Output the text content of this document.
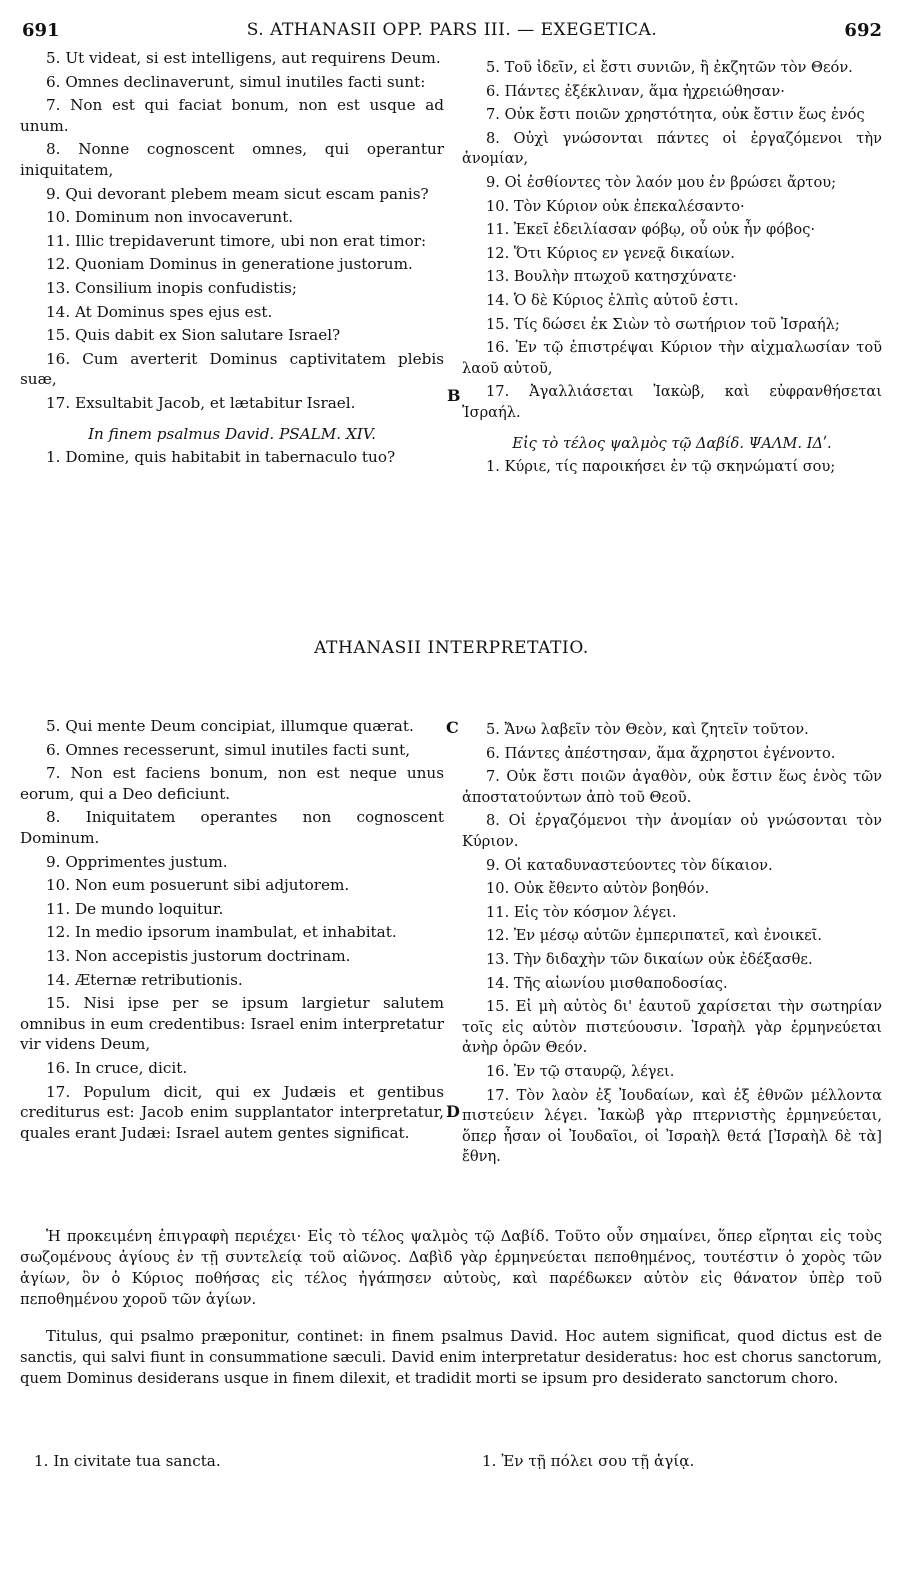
691	S. ATHANASII OPP. PARS III. — EXEGETICA.	692

5. Ut videat, si est intelligens, aut requirens Deum.

6. Omnes declinaverunt, simul inutiles facti sunt:

7. Non est qui faciat bonum, non est usque ad unum.

8. Nonne cognoscent omnes, qui operantur iniquitatem,

9. Qui devorant plebem meam sicut escam panis?

10. Dominum non invocaverunt.

11. Illic trepidaverunt timore, ubi non erat timor:

12. Quoniam Dominus in generatione justorum.

13. Consilium inopis confudistis;

14. At Dominus spes ejus est.

15. Quis dabit ex Sion salutare Israel?

16. Cum averterit Dominus captivitatem plebis suæ,

17. Exsultabit Jacob, et lætabitur Israel.

In finem psalmus David. PSALM. XIV.

1. Domine, quis habitabit in tabernaculo tuo?

5. Τοῦ ἰδεῖν, εἰ ἔστι συνιῶν, ἢ ἐκζητῶν τὸν Θεόν.

6. Πάντες ἐξέκλιναν, ἅμα ἠχρειώθησαν·

7. Οὐκ ἔστι ποιῶν χρηστότητα, οὐκ ἔστιν ἕως ἑνός

8. Οὐχὶ γνώσονται πάντες οἱ ἐργαζόμενοι τὴν ἀνομίαν,

9. Οἱ ἐσθίοντες τὸν λαόν μου ἐν βρώσει ἄρτου;

10. Τὸν Κύριον οὐκ ἐπεκαλέσαντο·

11. Ἐκεῖ ἐδειλίασαν φόβῳ, οὗ οὐκ ἦν φόβος·

12. Ὅτι Κύριος εν γενεᾷ δικαίων.

13. Βουλὴν πτωχοῦ κατησχύνατε·

14. Ὁ δὲ Κύριος ἐλπὶς αὐτοῦ ἐστι.

15. Τίς δώσει ἐκ Σιὼν τὸ σωτήριον τοῦ Ἰσραήλ;

16. Ἐν τῷ ἐπιστρέψαι Κύριον τὴν αἰχμαλωσίαν τοῦ λαοῦ αὐτοῦ,

17. Ἀγαλλιάσεται Ἰακὼβ, καὶ εὐφρανθήσεται Ἰσραήλ.

Εἰς τὸ τέλος ψαλμὸς τῷ Δαβίδ. ΨΑΛΜ. ΙΔʹ.

1. Κύριε, τίς παροικήσει ἐν τῷ σκηνώματί σου;

B
ATHANASII INTERPRETATIO.

5. Qui mente Deum concipiat, illumque quærat.

6. Omnes recesserunt, simul inutiles facti sunt,

7. Non est faciens bonum, non est neque unus eorum, qui a Deo deficiunt.

8. Iniquitatem operantes non cognoscent Dominum.

9. Opprimentes justum.

10. Non eum posuerunt sibi adjutorem.

11. De mundo loquitur.

12. In medio ipsorum inambulat, et inhabitat.

13. Non accepistis justorum doctrinam.

14. Æternæ retributionis.

15. Nisi ipse per se ipsum largietur salutem omnibus in eum credentibus: Israel enim interpretatur vir videns Deum,

16. In cruce, dicit.

17. Populum dicit, qui ex Judæis et gentibus crediturus est: Jacob enim supplantator interpretatur, quales erant Judæi: Israel autem gentes significat.

5. Ἄνω λαβεῖν τὸν Θεὸν, καὶ ζητεῖν τοῦτον.

6. Πάντες ἀπέστησαν, ἅμα ἄχρηστοι ἐγένοντο.

7. Οὐκ ἔστι ποιῶν ἀγαθὸν, οὐκ ἔστιν ἕως ἑνὸς τῶν ἀποστατούντων ἀπὸ τοῦ Θεοῦ.

8. Οἱ ἐργαζόμενοι τὴν ἀνομίαν οὐ γνώσονται τὸν Κύριον.

9. Οἱ καταδυναστεύοντες τὸν δίκαιον.

10. Οὐκ ἔθεντο αὐτὸν βοηθόν.

11. Εἰς τὸν κόσμον λέγει.

12. Ἐν μέσῳ αὐτῶν ἐμπεριπατεῖ, καὶ ἐνοικεῖ.

13. Τὴν διδαχὴν τῶν δικαίων οὐκ ἐδέξασθε.

14. Τῆς αἰωνίου μισθαποδοσίας.

15. Εἰ μὴ αὐτὸς δι' ἑαυτοῦ χαρίσεται τὴν σωτηρίαν τοῖς εἰς αὐτὸν πιστεύουσιν. Ἰσραὴλ γὰρ ἑρμηνεύεται ἀνὴρ ὁρῶν Θεόν.

16. Ἐν τῷ σταυρῷ, λέγει.

17. Τὸν λαὸν ἐξ Ἰουδαίων, καὶ ἐξ ἐθνῶν μέλλοντα πιστεύειν λέγει. Ἰακὼβ γὰρ πτερνιστὴς ἑρμηνεύεται, ὅπερ ἦσαν οἱ Ἰουδαῖοι, οἱ Ἰσραὴλ θετά [Ἰσραὴλ δὲ τὰ] ἔθνη.

C
D

Ἡ προκειμένη ἐπιγραφὴ περιέχει· Εἰς τὸ τέλος ψαλμὸς τῷ Δαβίδ. Τοῦτο οὖν σημαίνει, ὅπερ εἴρηται εἰς τοὺς σωζομένους ἁγίους ἐν τῇ συντελείᾳ τοῦ αἰῶνος. Δαβὶδ γὰρ ἑρμηνεύεται πεποθημένος, τουτέστιν ὁ χορὸς τῶν ἁγίων, ὃν ὁ Κύριος ποθήσας εἰς τέλος ἠγάπησεν αὐτοὺς, καὶ παρέδωκεν αὐτὸν εἰς θάνατον ὑπὲρ τοῦ πεποθημένου χοροῦ τῶν ἁγίων.

Titulus, qui psalmo præponitur, continet: in finem psalmus David. Hoc autem significat, quod dictus est de sanctis, qui salvi fiunt in consummatione sæculi. David enim interpretatur desideratus: hoc est chorus sanctorum, quem Dominus desiderans usque in finem dilexit, et tradidit morti se ipsum pro desiderato sanctorum choro.

1. In civitate tua sancta.	1. Ἐν τῇ πόλει σου τῇ ἁγίᾳ.
